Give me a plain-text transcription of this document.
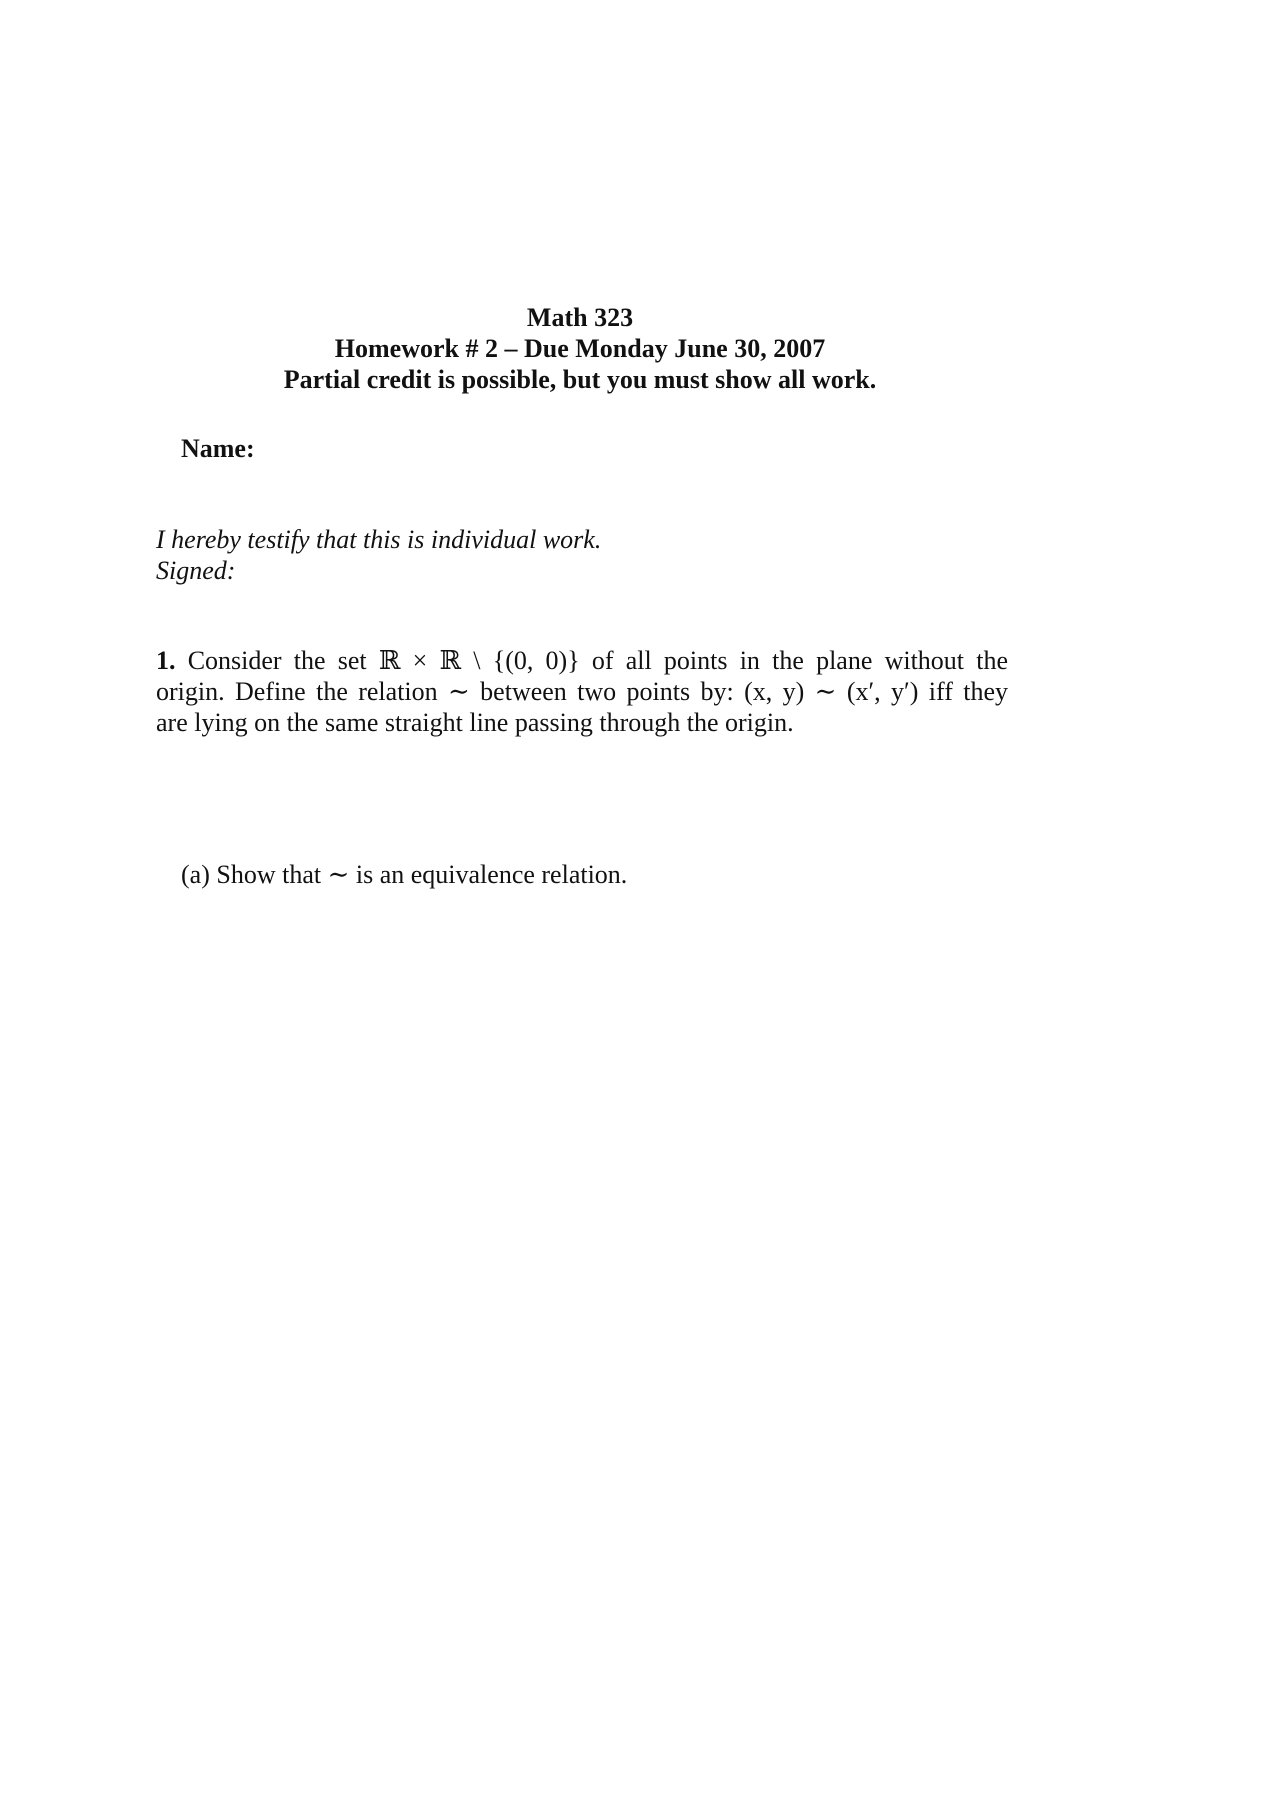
Math 323
Homework # 2 – Due Monday June 30, 2007
Partial credit is possible, but you must show all work.
Name:
I hereby testify that this is individual work.
Signed:
1. Consider the set ℝ × ℝ \ {(0, 0)} of all points in the plane without the
origin. Define the relation ∼ between two points by: (x, y) ∼ (x′, y′) iff they
are lying on the same straight line passing through the origin.
(a) Show that ∼ is an equivalence relation.
